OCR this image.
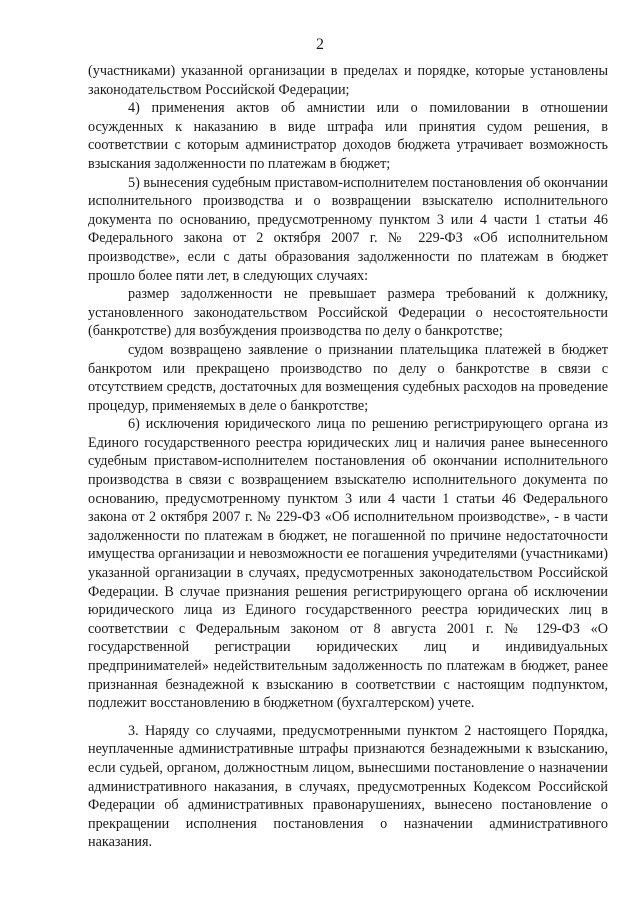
2

(участниками) указанной организации в пределах и порядке, которые установлены законодательством Российской Федерации;

4) применения актов об амнистии или о помиловании в отношении осужденных к наказанию в виде штрафа или принятия судом решения, в соответствии с которым администратор доходов бюджета утрачивает возможность взыскания задолженности по платежам в бюджет;

5) вынесения судебным приставом-исполнителем постановления об окончании исполнительного производства и о возвращении взыскателю исполнительного документа по основанию, предусмотренному пунктом 3 или 4 части 1 статьи 46 Федерального закона от 2 октября 2007 г. № 229-ФЗ «Об исполнительном производстве», если с даты образования задолженности по платежам в бюджет прошло более пяти лет, в следующих случаях:

размер задолженности не превышает размера требований к должнику, установленного законодательством Российской Федерации о несостоятельности (банкротстве) для возбуждения производства по делу о банкротстве;

судом возвращено заявление о признании плательщика платежей в бюджет банкротом или прекращено производство по делу о банкротстве в связи с отсутствием средств, достаточных для возмещения судебных расходов на проведение процедур, применяемых в деле о банкротстве;

6) исключения юридического лица по решению регистрирующего органа из Единого государственного реестра юридических лиц и наличия ранее вынесенного судебным приставом-исполнителем постановления об окончании исполнительного производства в связи с возвращением взыскателю исполнительного документа по основанию, предусмотренному пунктом 3 или 4 части 1 статьи 46 Федерального закона от 2 октября 2007 г. № 229-ФЗ «Об исполнительном производстве», - в части задолженности по платежам в бюджет, не погашенной по причине недостаточности имущества организации и невозможности ее погашения учредителями (участниками) указанной организации в случаях, предусмотренных законодательством Российской Федерации. В случае признания решения регистрирующего органа об исключении юридического лица из Единого государственного реестра юридических лиц в соответствии с Федеральным законом от 8 августа 2001 г. № 129-ФЗ «О государственной регистрации юридических лиц и индивидуальных предпринимателей» недействительным задолженность по платежам в бюджет, ранее признанная безнадежной к взысканию в соответствии с настоящим подпунктом, подлежит восстановлению в бюджетном (бухгалтерском) учете.

3. Наряду со случаями, предусмотренными пунктом 2 настоящего Порядка, неуплаченные административные штрафы признаются безнадежными к взысканию, если судьей, органом, должностным лицом, вынесшими постановление о назначении административного наказания, в случаях, предусмотренных Кодексом Российской Федерации об административных правонарушениях, вынесено постановление о прекращении исполнения постановления о назначении административного наказания.
